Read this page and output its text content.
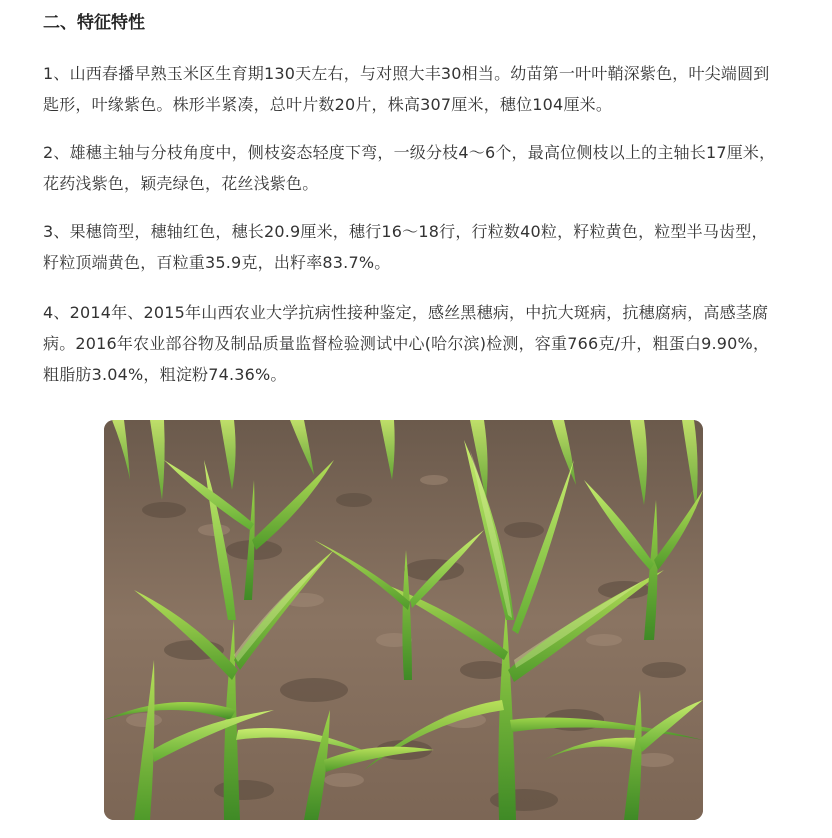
二、特征特性

1、山西春播早熟玉米区生育期130天左右，与对照大丰30相当。幼苗第一叶叶鞘深紫色，叶尖端圆到匙形，叶缘紫色。株形半紧凑，总叶片数20片，株高307厘米，穗位104厘米。

2、雄穗主轴与分枝角度中，侧枝姿态轻度下弯，一级分枝4～6个，最高位侧枝以上的主轴长17厘米，花药浅紫色，颖壳绿色，花丝浅紫色。

3、果穗筒型，穗轴红色，穗长20.9厘米，穗行16～18行，行粒数40粒，籽粒黄色，粒型半马齿型，籽粒顶端黄色，百粒重35.9克，出籽率83.7%。

4、2014年、2015年山西农业大学抗病性接种鉴定，感丝黑穗病，中抗大斑病，抗穗腐病，高感茎腐病。2016年农业部谷物及制品质量监督检验测试中心(哈尔滨)检测，容重766克/升，粗蛋白9.90%，粗脂肪3.04%，粗淀粉74.36%。
